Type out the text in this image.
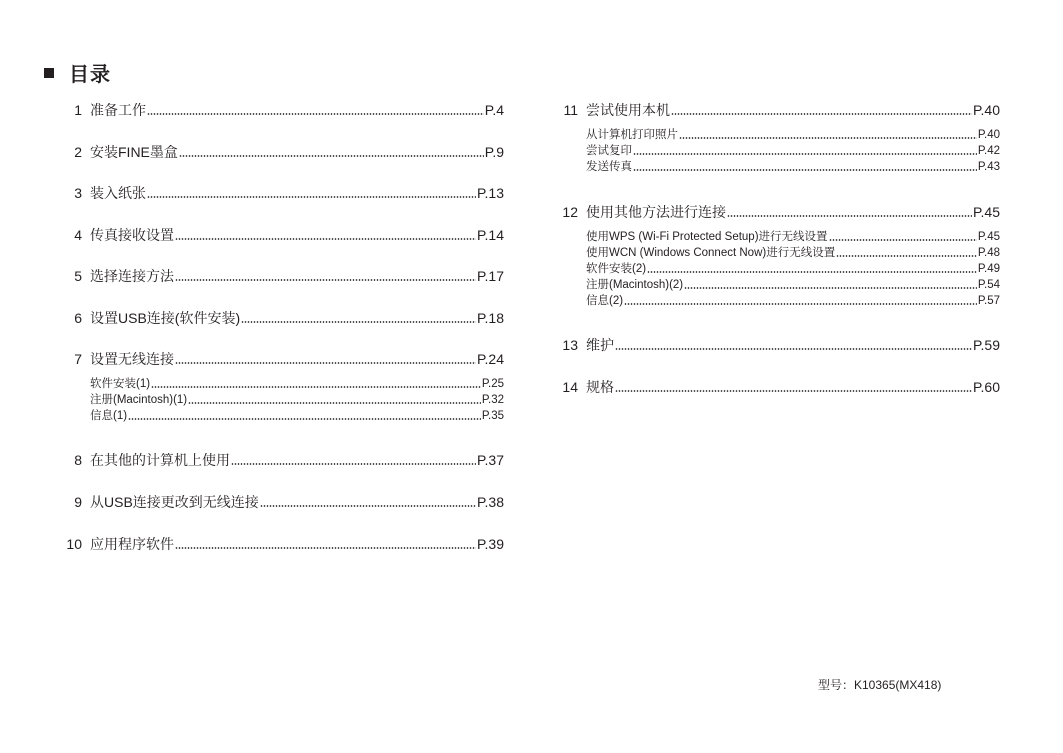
目录
1 准备工作	P.4
2 安装FINE墨盒	P.9
3 装入纸张	P.13
4 传真接收设置	P.14
5 选择连接方法	P.17
6 设置USB连接(软件安装)	P.18
7 设置无线连接	P.24
软件安装(1)	P.25
注册(Macintosh)(1)	P.32
信息(1)	P.35
8 在其他的计算机上使用	P.37
9 从USB连接更改到无线连接	P.38
10 应用程序软件	P.39
11 尝试使用本机	P.40
从计算机打印照片	P.40
尝试复印	P.42
发送传真	P.43
12 使用其他方法进行连接	P.45
使用WPS (Wi-Fi Protected Setup)进行无线设置	P.45
使用WCN (Windows Connect Now)进行无线设置	P.48
软件安装(2)	P.49
注册(Macintosh)(2)	P.54
信息(2)	P.57
13 维护	P.59
14 规格	P.60
型号：K10365(MX418)
